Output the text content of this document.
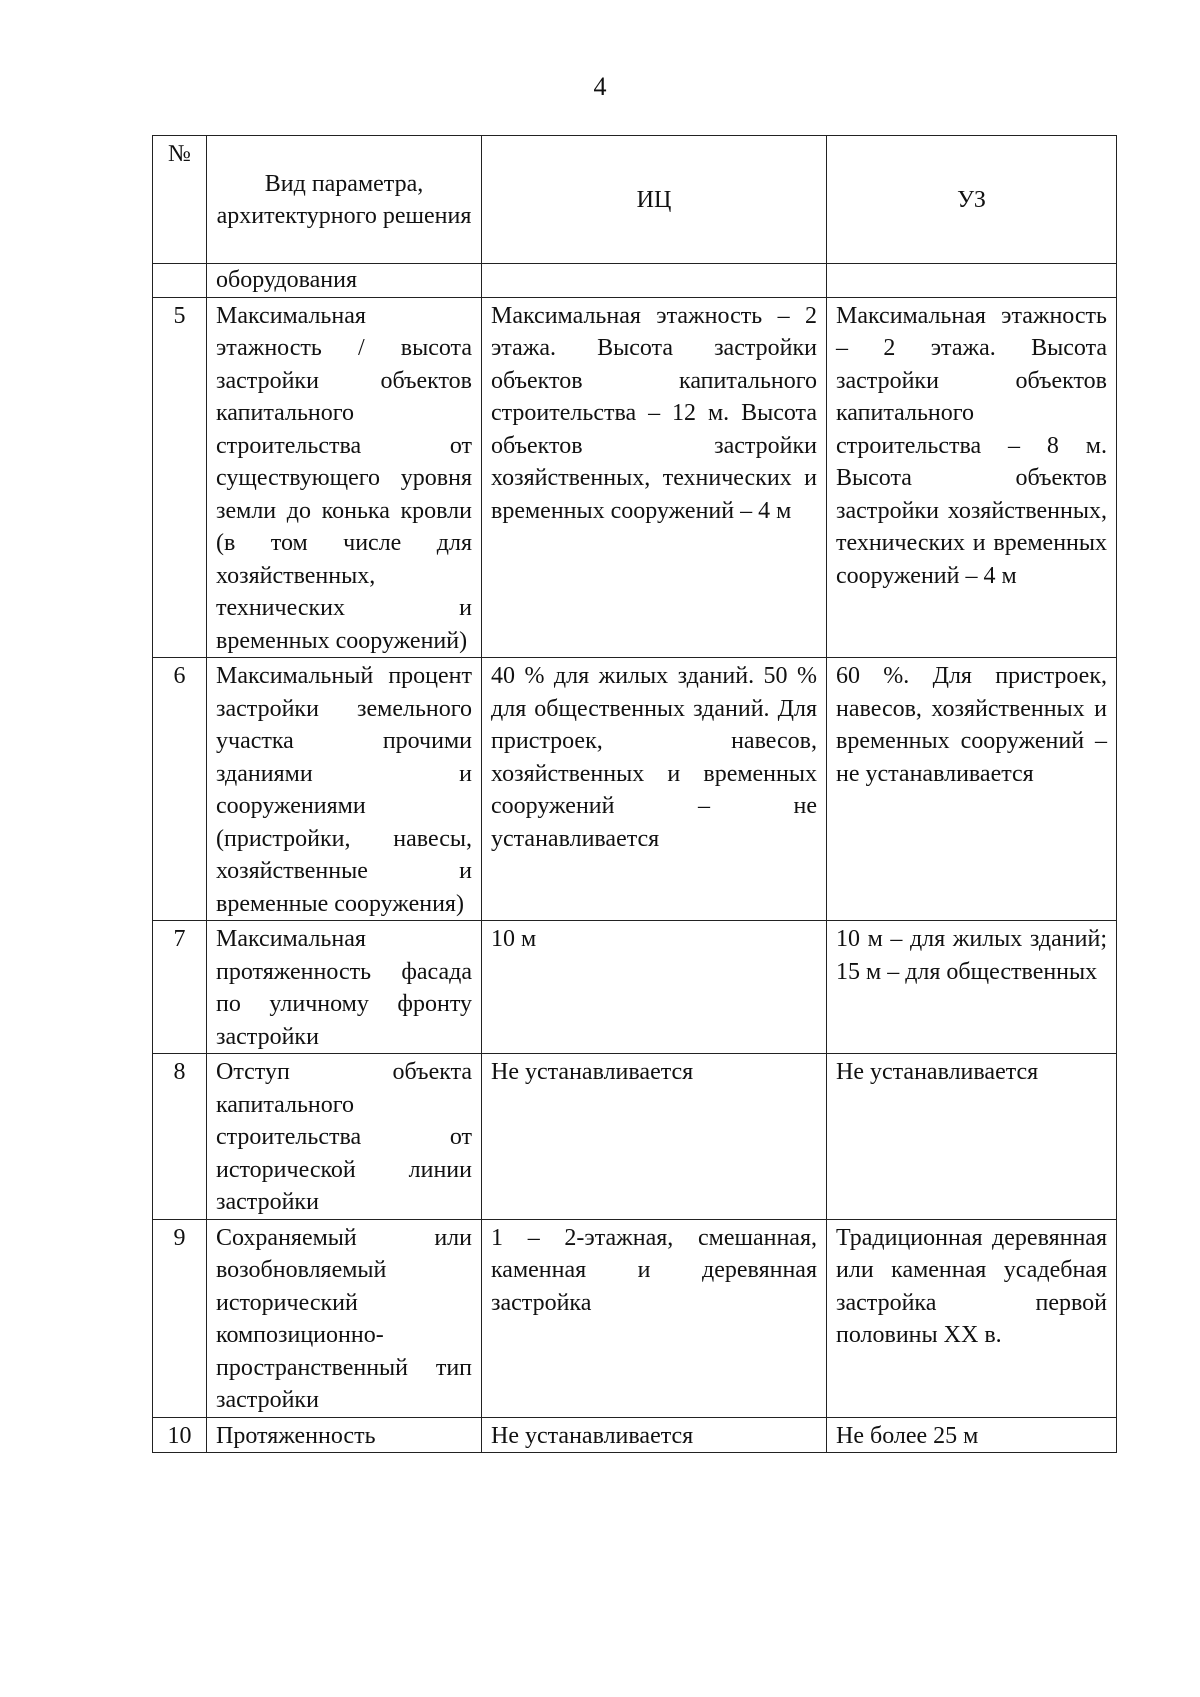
4
№	Вид параметра, архитектурного решения	ИЦ	УЗ
	оборудования		
5	Максимальная этажность / высота застройки объектов капитального строительства от существующего уровня земли до конька кровли (в том числе для хозяйственных, технических и временных сооружений)	Максимальная этажность – 2 этажа. Высота застройки объектов капитального строительства – 12 м. Высота объектов застройки хозяйственных, технических и временных сооружений – 4 м	Максимальная этажность – 2 этажа. Высота застройки объектов капитального строительства – 8 м. Высота объектов застройки хозяйственных, технических и временных сооружений – 4 м
6	Максимальный процент застройки земельного участка прочими зданиями и сооружениями (пристройки, навесы, хозяйственные и временные сооружения)	40 % для жилых зданий. 50 % для общественных зданий. Для пристроек, навесов, хозяйственных и временных сооружений – не устанавливается	60 %. Для пристроек, навесов, хозяйственных и временных сооружений – не устанавливается
7	Максимальная протяженность фасада по уличному фронту застройки	10 м	10 м – для жилых зданий; 15 м – для общественных
8	Отступ объекта капитального строительства от исторической линии застройки	Не устанавливается	Не устанавливается
9	Сохраняемый или возобновляемый исторический композиционно-пространственный тип застройки	1 – 2-этажная, смешанная, каменная и деревянная застройка	Традиционная деревянная или каменная усадебная застройка первой половины XX в.
10	Протяженность	Не устанавливается	Не более 25 м
